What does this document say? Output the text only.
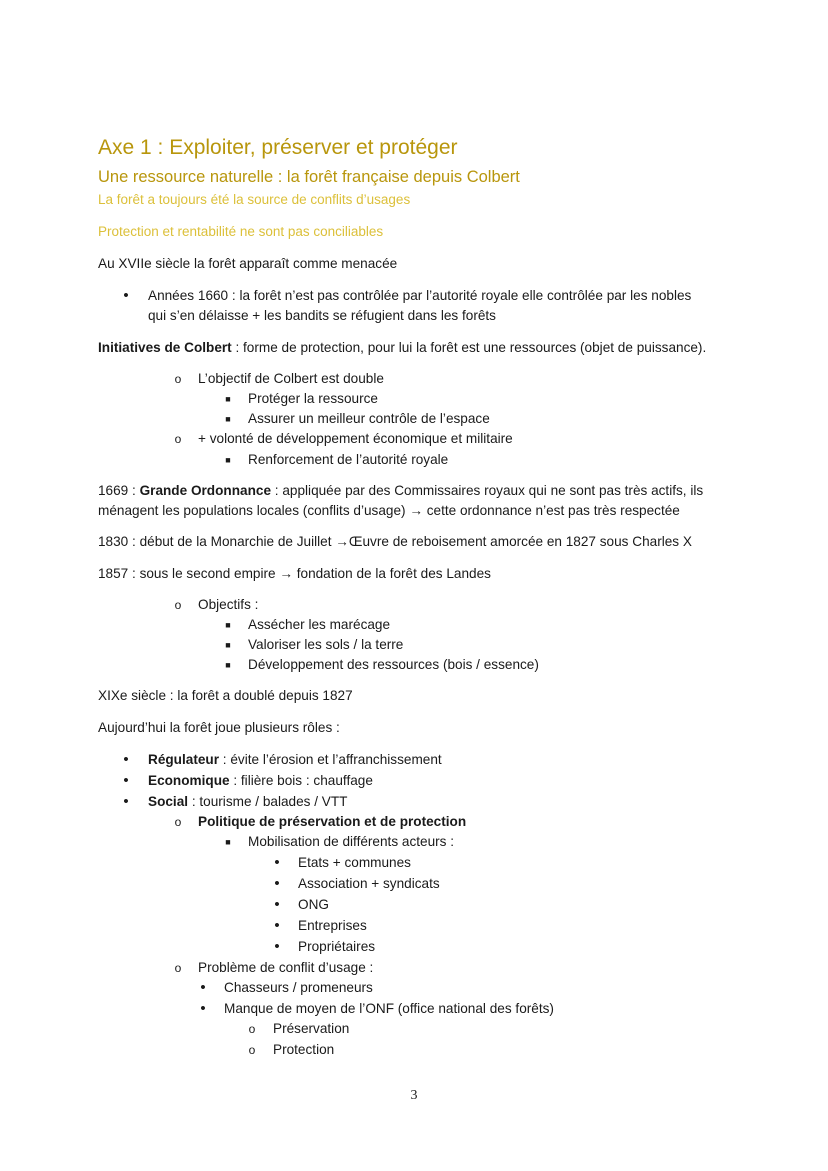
Axe 1 : Exploiter, préserver et protéger
Une ressource naturelle : la forêt française depuis Colbert
La forêt a toujours été la source de conflits d’usages
Protection et rentabilité ne sont pas conciliables
Au XVIIe siècle la forêt apparaît comme menacée
• Années 1660 : la forêt n’est pas contrôlée par l’autorité royale elle contrôlée par les nobles
qui s’en délaisse + les bandits se réfugient dans les forêts
Initiatives de Colbert : forme de protection, pour lui la forêt est une ressources (objet de puissance).
o L’objectif de Colbert est double
■ Protéger la ressource
■ Assurer un meilleur contrôle de l’espace
o + volonté de développement économique et militaire
■ Renforcement de l’autorité royale
1669 : Grande Ordonnance : appliquée par des Commissaires royaux qui ne sont pas très actifs, ils
ménagent les populations locales (conflits d’usage) → cette ordonnance n’est pas très respectée
1830 : début de la Monarchie de Juillet →Œuvre de reboisement amorcée en 1827 sous Charles X
1857 : sous le second empire → fondation de la forêt des Landes
o Objectifs :
■ Assécher les marécage
■ Valoriser les sols / la terre
■ Développement des ressources (bois / essence)
XIXe siècle : la forêt a doublé depuis 1827
Aujourd’hui la forêt joue plusieurs rôles :
• Régulateur : évite l’érosion et l’affranchissement
• Economique : filière bois : chauffage
• Social : tourisme / balades / VTT
o Politique de préservation et de protection
■ Mobilisation de différents acteurs :
• Etats + communes
• Association + syndicats
• ONG
• Entreprises
• Propriétaires
o Problème de conflit d’usage :
• Chasseurs / promeneurs
• Manque de moyen de l’ONF (office national des forêts)
o Préservation
o Protection
3
